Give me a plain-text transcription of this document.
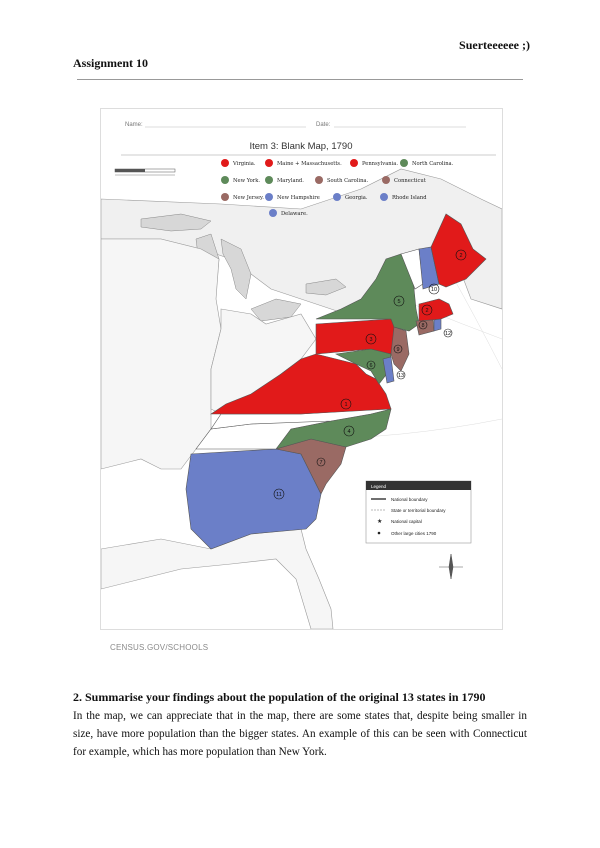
Suerteeeeee ;)
Assignment 10
Name:	Date:
Item 3: Blank Map, 1790
2
10
5
2
8
12
3
9
6
13
1
4
7
11
Virginia.	Maine + Massachusetts.	Pennsylvania.	North Carolina.
New York.	Maryland.	South Carolina.	Connecticut
New Jersey.	New Hampshire	Georgia.	Rhode Island
Delaware.
Legend
National boundary
State or territorial boundary
★ National capital
Other large cities 1790
CENSUS.GOV/SCHOOLS
2. Summarise your findings about the population of the original 13 states in 1790
In the map, we can appreciate that in the map, there are some states that, despite being smaller in size, have more population than the bigger states. An example of this can be seen with Connecticut for example, which has more population than New York.
